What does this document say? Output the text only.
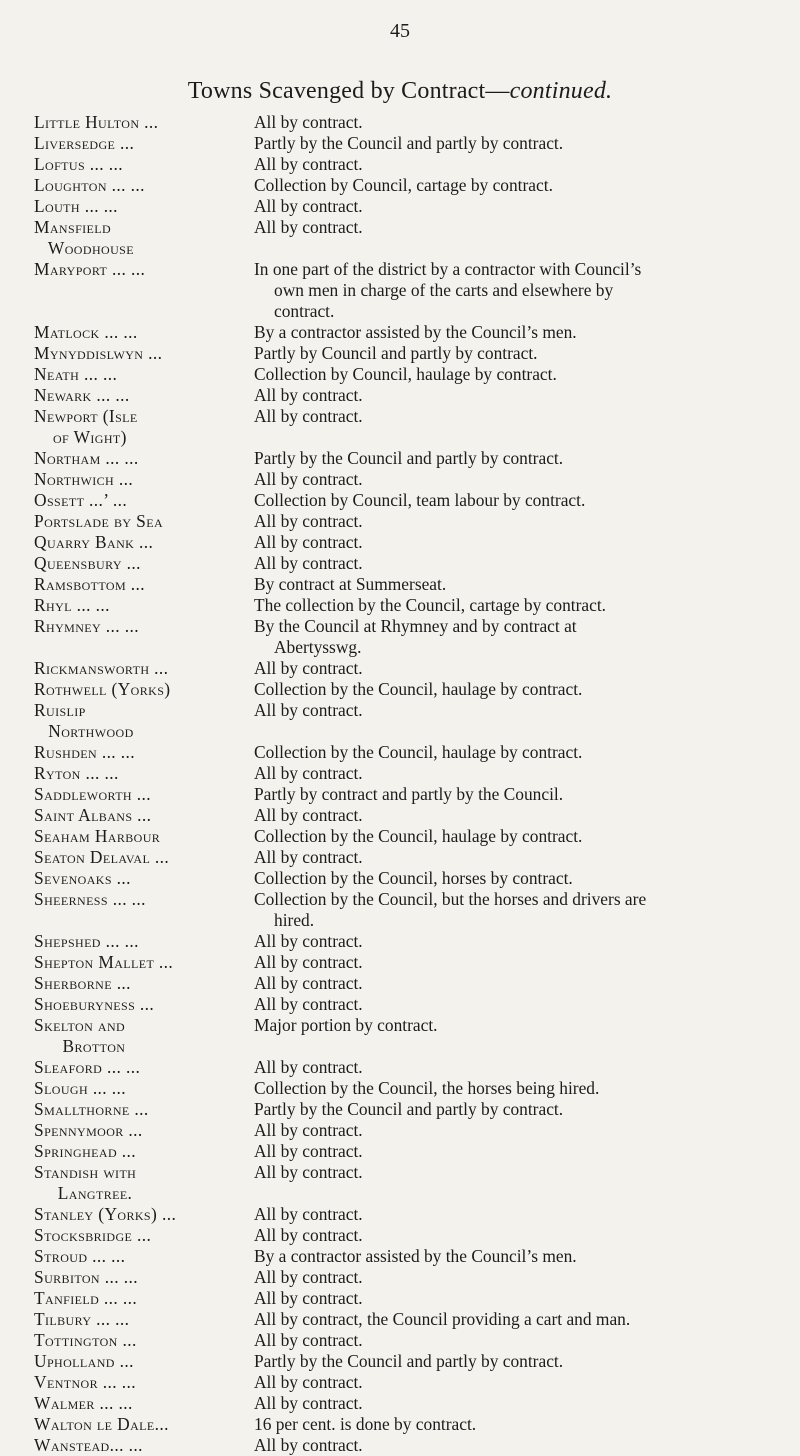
45
Towns Scavenged by Contract—continued.
Little Hulton ...	All by contract.
Liversedge ...	Partly by the Council and partly by contract.
Loftus ... ...	All by contract.
Loughton ... ...	Collection by Council, cartage by contract.
Louth ... ...	All by contract.
Mansfield	All by contract.
Woodhouse
Maryport ... ...	In one part of the district by a contractor with Council’s
own men in charge of the carts and elsewhere by
contract.
Matlock ... ...	By a contractor assisted by the Council’s men.
Mynyddislwyn ...	Partly by Council and partly by contract.
Neath ... ...	Collection by Council, haulage by contract.
Newark ... ...	All by contract.
Newport (Isle	All by contract.
of Wight)
Northam ... ...	Partly by the Council and partly by contract.
Northwich ...	All by contract.
Ossett ...’ ...	Collection by Council, team labour by contract.
Portslade by Sea	All by contract.
Quarry Bank ...	All by contract.
Queensbury ...	All by contract.
Ramsbottom ...	By contract at Summerseat.
Rhyl ... ...	The collection by the Council, cartage by contract.
Rhymney ... ...	By the Council at Rhymney and by contract at
Abertysswg.
Rickmansworth ...	All by contract.
Rothwell (Yorks)	Collection by the Council, haulage by contract.
Ruislip	All by contract.
Northwood
Rushden ... ...	Collection by the Council, haulage by contract.
Ryton ... ...	All by contract.
Saddleworth ...	Partly by contract and partly by the Council.
Saint Albans ...	All by contract.
Seaham Harbour	Collection by the Council, haulage by contract.
Seaton Delaval ...	All by contract.
Sevenoaks ...	Collection by the Council, horses by contract.
Sheerness ... ...	Collection by the Council, but the horses and drivers are
hired.
Shepshed ... ...	All by contract.
Shepton Mallet ...	All by contract.
Sherborne ...	All by contract.
Shoeburyness ...	All by contract.
Skelton and	Major portion by contract.
Brotton
Sleaford ... ...	All by contract.
Slough ... ...	Collection by the Council, the horses being hired.
Smallthorne ...	Partly by the Council and partly by contract.
Spennymoor ...	All by contract.
Springhead ...	All by contract.
Standish with	All by contract.
Langtree.
Stanley (Yorks) ...	All by contract.
Stocksbridge ...	All by contract.
Stroud ... ...	By a contractor assisted by the Council’s men.
Surbiton ... ...	All by contract.
Tanfield ... ...	All by contract.
Tilbury ... ...	All by contract, the Council providing a cart and man.
Tottington ...	All by contract.
Upholland ...	Partly by the Council and partly by contract.
Ventnor ... ...	All by contract.
Walmer ... ...	All by contract.
Walton le Dale...	16 per cent. is done by contract.
Wanstead... ...	All by contract.
